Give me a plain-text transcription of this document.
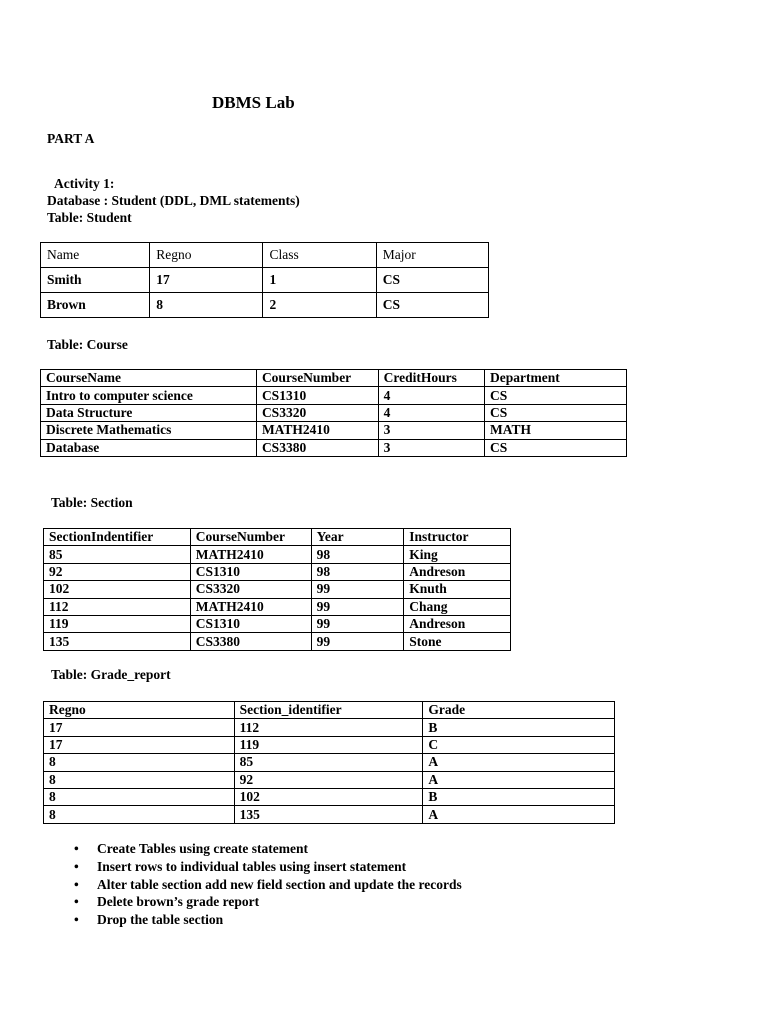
DBMS Lab
PART A
Activity 1:
Database : Student (DDL, DML statements)
Table: Student
Name	Regno	Class	Major
Smith	17	1	CS
Brown	8	2	CS
Table: Course
CourseName	CourseNumber	CreditHours	Department
Intro to computer science	CS1310	4	CS
Data Structure	CS3320	4	CS
Discrete Mathematics	MATH2410	3	MATH
Database	CS3380	3	CS
Table: Section
SectionIndentifier	CourseNumber	Year	Instructor
85	MATH2410	98	King
92	CS1310	98	Andreson
102	CS3320	99	Knuth
112	MATH2410	99	Chang
119	CS1310	99	Andreson
135	CS3380	99	Stone
Table: Grade_report
Regno	Section_identifier	Grade
17	112	B
17	119	C
8	85	A
8	92	A
8	102	B
8	135	A
• Create Tables using create statement
• Insert rows to individual tables using insert statement
• Alter table section add new field section and update the records
• Delete brown’s grade report
• Drop the table section
